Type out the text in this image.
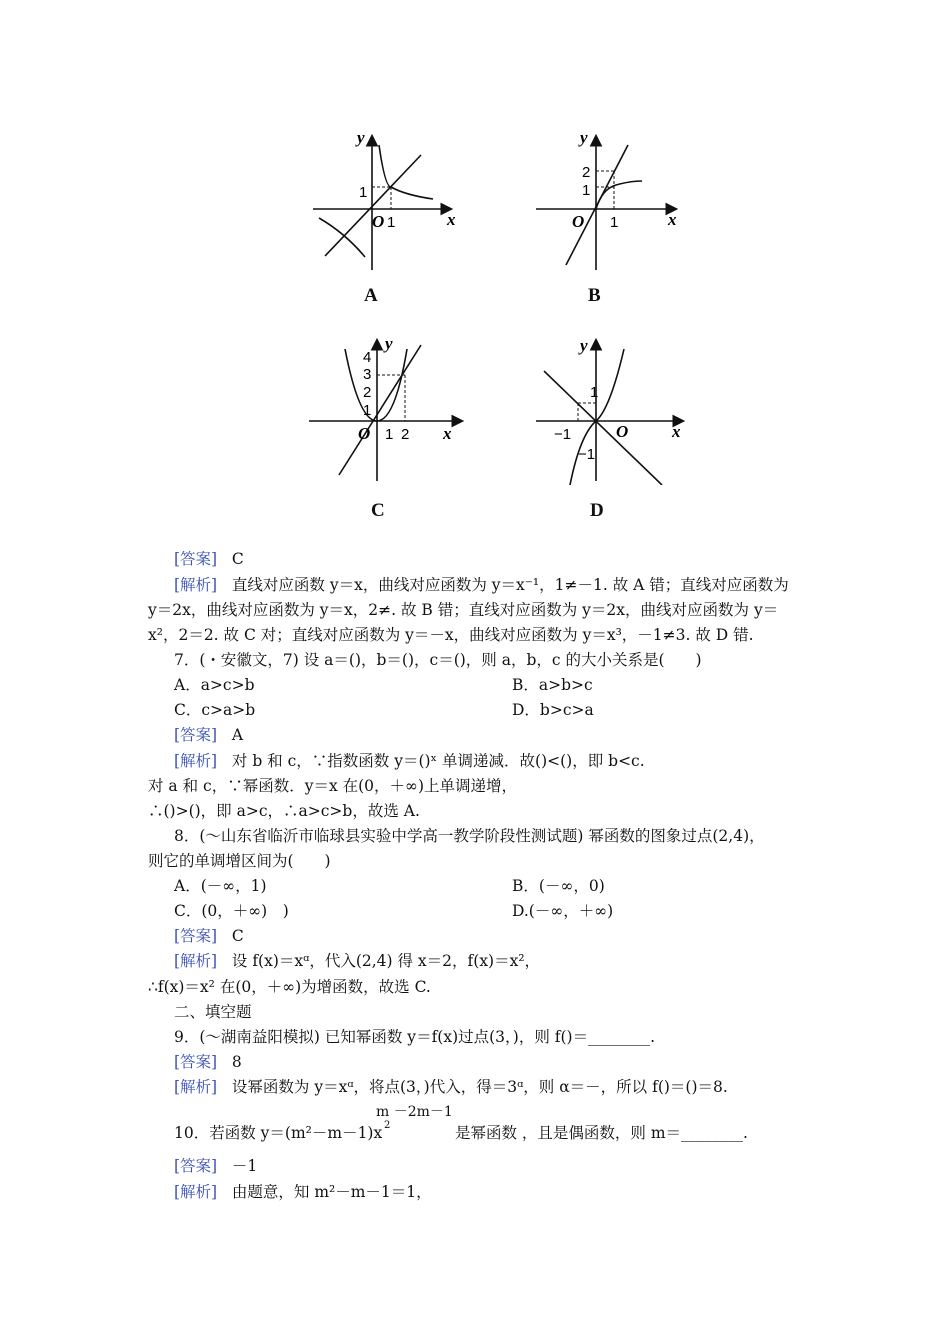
y
x
O 1
1
A
y
x
O 1
1
2
B
y
x
O 1 2
1
2
3
4
C
y
x
O
−1
1
−1
D
[答案] C
[解析] 直线对应函数 y＝x，曲线对应函数为 y＝x⁻¹，1≠－1. 故 A 错；直线对应函数为
y＝2x，曲线对应函数为 y＝x，2≠. 故 B 错；直线对应函数为 y＝2x，曲线对应函数为 y＝
x²，2＝2. 故 C 对；直线对应函数为 y＝－x，曲线对应函数为 y＝x³，－1≠3. 故 D 错.
7．(・安徽文，7) 设 a＝()，b＝()，c＝()，则 a，b，c 的大小关系是(　　)
A．a>c>b	B．a>b>c
C．c>a>b	D．b>c>a
[答案] A
[解析] 对 b 和 c，∵指数函数 y＝()ˣ 单调递减．故()<()，即 b<c.
对 a 和 c，∵幂函数．y＝x 在(0，＋∞)上单调递增，
∴()>()，即 a>c，∴a>c>b，故选 A.
8．(～山东省临沂市临球县实验中学高一教学阶段性测试题) 幂函数的图象过点(2,4)，
则它的单调增区间为(　　)
A．(－∞，1)	B．(－∞，0)
C．(0，＋∞)　)	D.(－∞，＋∞)
[答案] C
[解析] 设 f(x)＝xᵅ，代入(2,4) 得 x＝2，f(x)＝x²，
∴f(x)＝x² 在(0，＋∞)为增函数，故选 C.
二、填空题
9．(～湖南益阳模拟) 已知幂函数 y＝f(x)过点(3，)，则 f()＝________.
[答案] 8
[解析] 设幂函数为 y＝xᵅ，将点(3，)代入，得＝3ᵅ，则 α＝－，所以 f()＝()＝8.
m －2m－1
2
10．若函数 y＝(m²－m－1)x	是幂函数 ，且是偶函数，则 m＝________.
[答案] －1
[解析] 由题意，知 m²－m－1＝1，
